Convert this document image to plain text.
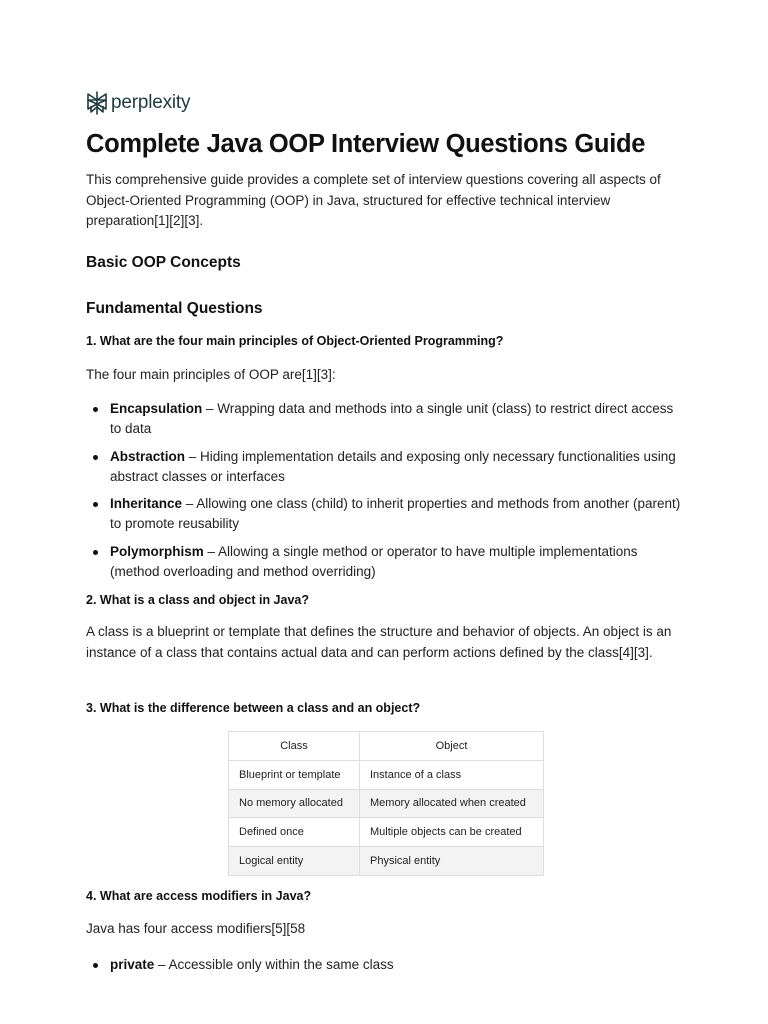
perplexity
Complete Java OOP Interview Questions Guide

This comprehensive guide provides a complete set of interview questions covering all aspects of Object-Oriented Programming (OOP) in Java, structured for effective technical interview preparation[1][2][3].

Basic OOP Concepts
Fundamental Questions
1. What are the four main principles of Object-Oriented Programming?

The four main principles of OOP are[1][3]:

Encapsulation – Wrapping data and methods into a single unit (class) to restrict direct access to data
Abstraction – Hiding implementation details and exposing only necessary functionalities using abstract classes or interfaces
Inheritance – Allowing one class (child) to inherit properties and methods from another (parent) to promote reusability
Polymorphism – Allowing a single method or operator to have multiple implementations (method overloading and method overriding)
2. What is a class and object in Java?

A class is a blueprint or template that defines the structure and behavior of objects. An object is an instance of a class that contains actual data and can perform actions defined by the class[4][3].

3. What is the difference between a class and an object?
Class	Object
Blueprint or template	Instance of a class
No memory allocated	Memory allocated when created
Defined once	Multiple objects can be created
Logical entity	Physical entity
4. What are access modifiers in Java?

Java has four access modifiers[5][58

private – Accessible only within the same class
